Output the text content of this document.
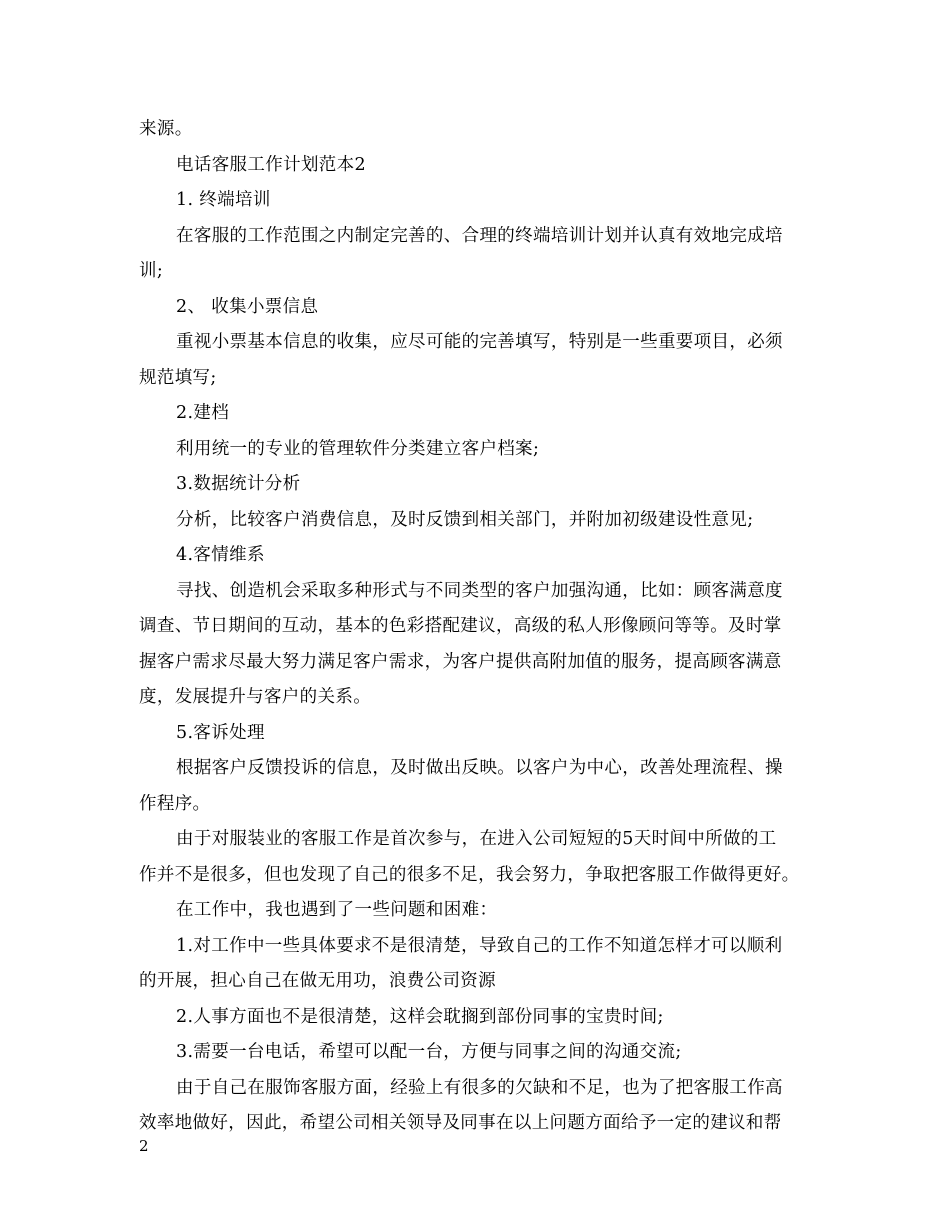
来源。
电话客服工作计划范本2
1. 终端培训
在客服的工作范围之内制定完善的、合理的终端培训计划并认真有效地完成培
训;
2、 收集小票信息
重视小票基本信息的收集，应尽可能的完善填写，特别是一些重要项目，必须
规范填写;
2.建档
利用统一的专业的管理软件分类建立客户档案;
3.数据统计分析
分析，比较客户消费信息，及时反馈到相关部门，并附加初级建设性意见;
4.客情维系
寻找、创造机会采取多种形式与不同类型的客户加强沟通，比如：顾客满意度
调查、节日期间的互动，基本的色彩搭配建议，高级的私人形像顾问等等。及时掌
握客户需求尽最大努力满足客户需求，为客户提供高附加值的服务，提高顾客满意
度，发展提升与客户的关系。
5.客诉处理
根据客户反馈投诉的信息，及时做出反映。以客户为中心，改善处理流程、操
作程序。
由于对服装业的客服工作是首次参与，在进入公司短短的5天时间中所做的工
作并不是很多，但也发现了自己的很多不足，我会努力，争取把客服工作做得更好。
在工作中，我也遇到了一些问题和困难：
1.对工作中一些具体要求不是很清楚，导致自己的工作不知道怎样才可以顺利
的开展，担心自己在做无用功，浪费公司资源
2.人事方面也不是很清楚，这样会耽搁到部份同事的宝贵时间;
3.需要一台电话，希望可以配一台，方便与同事之间的沟通交流;
由于自己在服饰客服方面，经验上有很多的欠缺和不足，也为了把客服工作高
效率地做好，因此，希望公司相关领导及同事在以上问题方面给予一定的建议和帮
2
